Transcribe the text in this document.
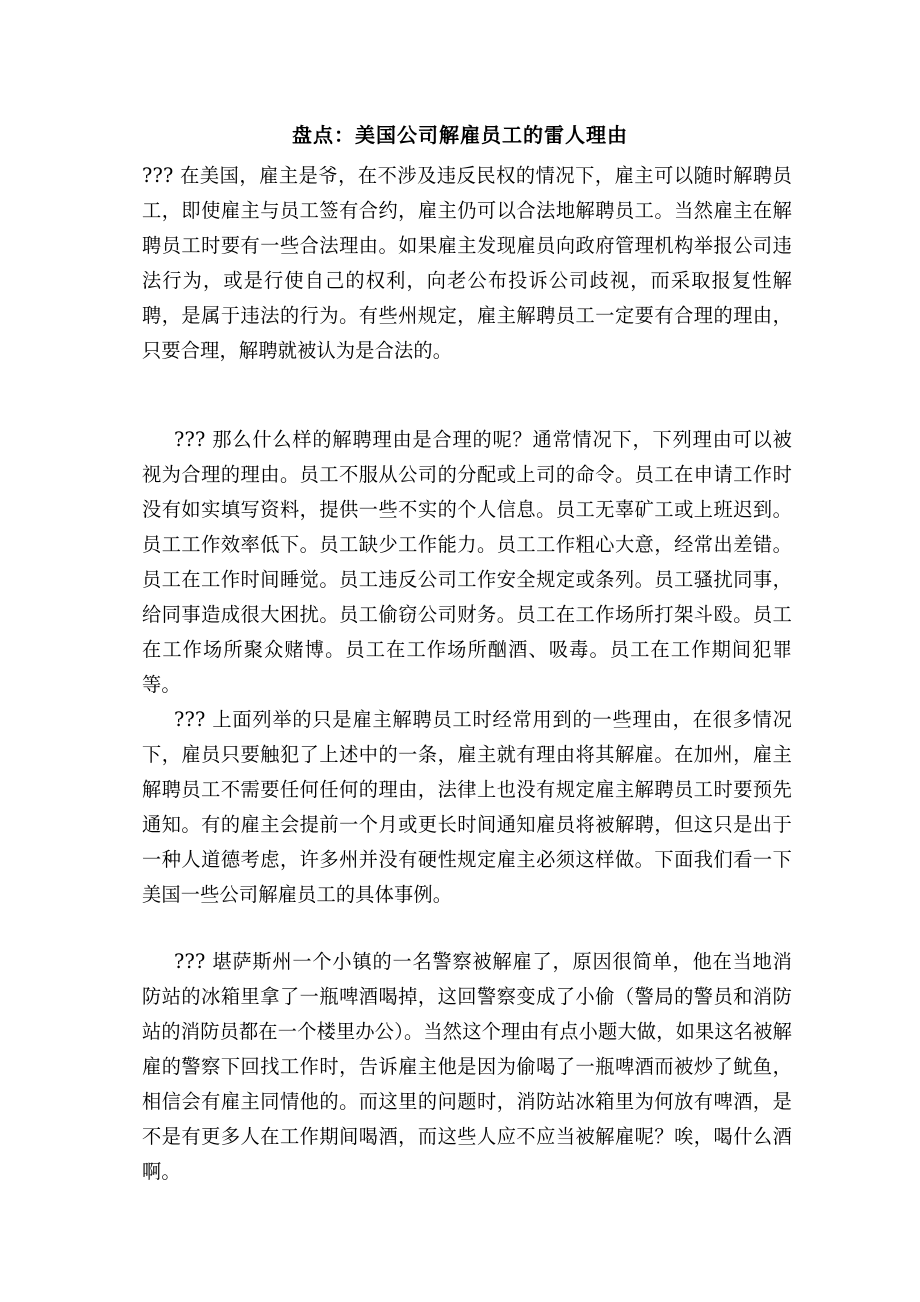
盘点：美国公司解雇员工的雷人理由

??? 在美国，雇主是爷，在不涉及违反民权的情况下，雇主可以随时解聘员工，即使雇主与员工签有合约，雇主仍可以合法地解聘员工。当然雇主在解聘员工时要有一些合法理由。如果雇主发现雇员向政府管理机构举报公司违法行为，或是行使自己的权利，向老公布投诉公司歧视，而采取报复性解聘，是属于违法的行为。有些州规定，雇主解聘员工一定要有合理的理由，只要合理，解聘就被认为是合法的。

??? 那么什么样的解聘理由是合理的呢？通常情况下，下列理由可以被视为合理的理由。员工不服从公司的分配或上司的命令。员工在申请工作时没有如实填写资料，提供一些不实的个人信息。员工无辜矿工或上班迟到。员工工作效率低下。员工缺少工作能力。员工工作粗心大意，经常出差错。员工在工作时间睡觉。员工违反公司工作安全规定或条列。员工骚扰同事，给同事造成很大困扰。员工偷窃公司财务。员工在工作场所打架斗殴。员工在工作场所聚众赌博。员工在工作场所酗酒、吸毒。员工在工作期间犯罪等。

??? 上面列举的只是雇主解聘员工时经常用到的一些理由，在很多情况下，雇员只要触犯了上述中的一条，雇主就有理由将其解雇。在加州，雇主解聘员工不需要任何任何的理由，法律上也没有规定雇主解聘员工时要预先通知。有的雇主会提前一个月或更长时间通知雇员将被解聘，但这只是出于一种人道德考虑，许多州并没有硬性规定雇主必须这样做。下面我们看一下美国一些公司解雇员工的具体事例。

??? 堪萨斯州一个小镇的一名警察被解雇了，原因很简单，他在当地消防站的冰箱里拿了一瓶啤酒喝掉，这回警察变成了小偷（警局的警员和消防站的消防员都在一个楼里办公）。当然这个理由有点小题大做，如果这名被解雇的警察下回找工作时，告诉雇主他是因为偷喝了一瓶啤酒而被炒了鱿鱼，相信会有雇主同情他的。而这里的问题时，消防站冰箱里为何放有啤酒，是不是有更多人在工作期间喝酒，而这些人应不应当被解雇呢？唉，喝什么酒啊。
